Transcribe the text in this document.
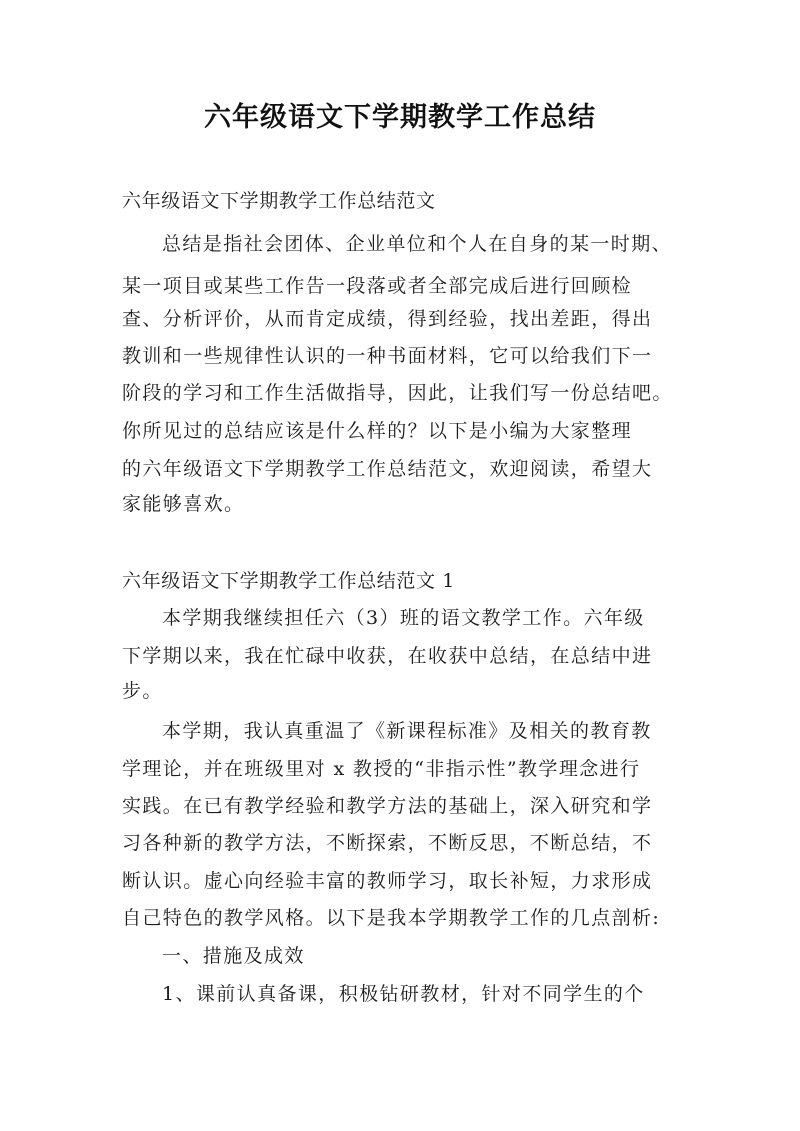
六年级语文下学期教学工作总结
六年级语文下学期教学工作总结范文
总结是指社会团体、企业单位和个人在自身的某一时期、
某一项目或某些工作告一段落或者全部完成后进行回顾检
查、分析评价，从而肯定成绩，得到经验，找出差距，得出
教训和一些规律性认识的一种书面材料，它可以给我们下一
阶段的学习和工作生活做指导，因此，让我们写一份总结吧。
你所见过的总结应该是什么样的？以下是小编为大家整理
的六年级语文下学期教学工作总结范文，欢迎阅读，希望大
家能够喜欢。
六年级语文下学期教学工作总结范文 1
本学期我继续担任六（3）班的语文教学工作。六年级
下学期以来，我在忙碌中收获，在收获中总结，在总结中进
步。
本学期，我认真重温了《新课程标准》及相关的教育教
学理论，并在班级里对 x 教授的“非指示性”教学理念进行
实践。在已有教学经验和教学方法的基础上，深入研究和学
习各种新的教学方法，不断探索，不断反思，不断总结，不
断认识。虚心向经验丰富的教师学习，取长补短，力求形成
自己特色的教学风格。以下是我本学期教学工作的几点剖析:
一、措施及成效
1、课前认真备课，积极钻研教材，针对不同学生的个
